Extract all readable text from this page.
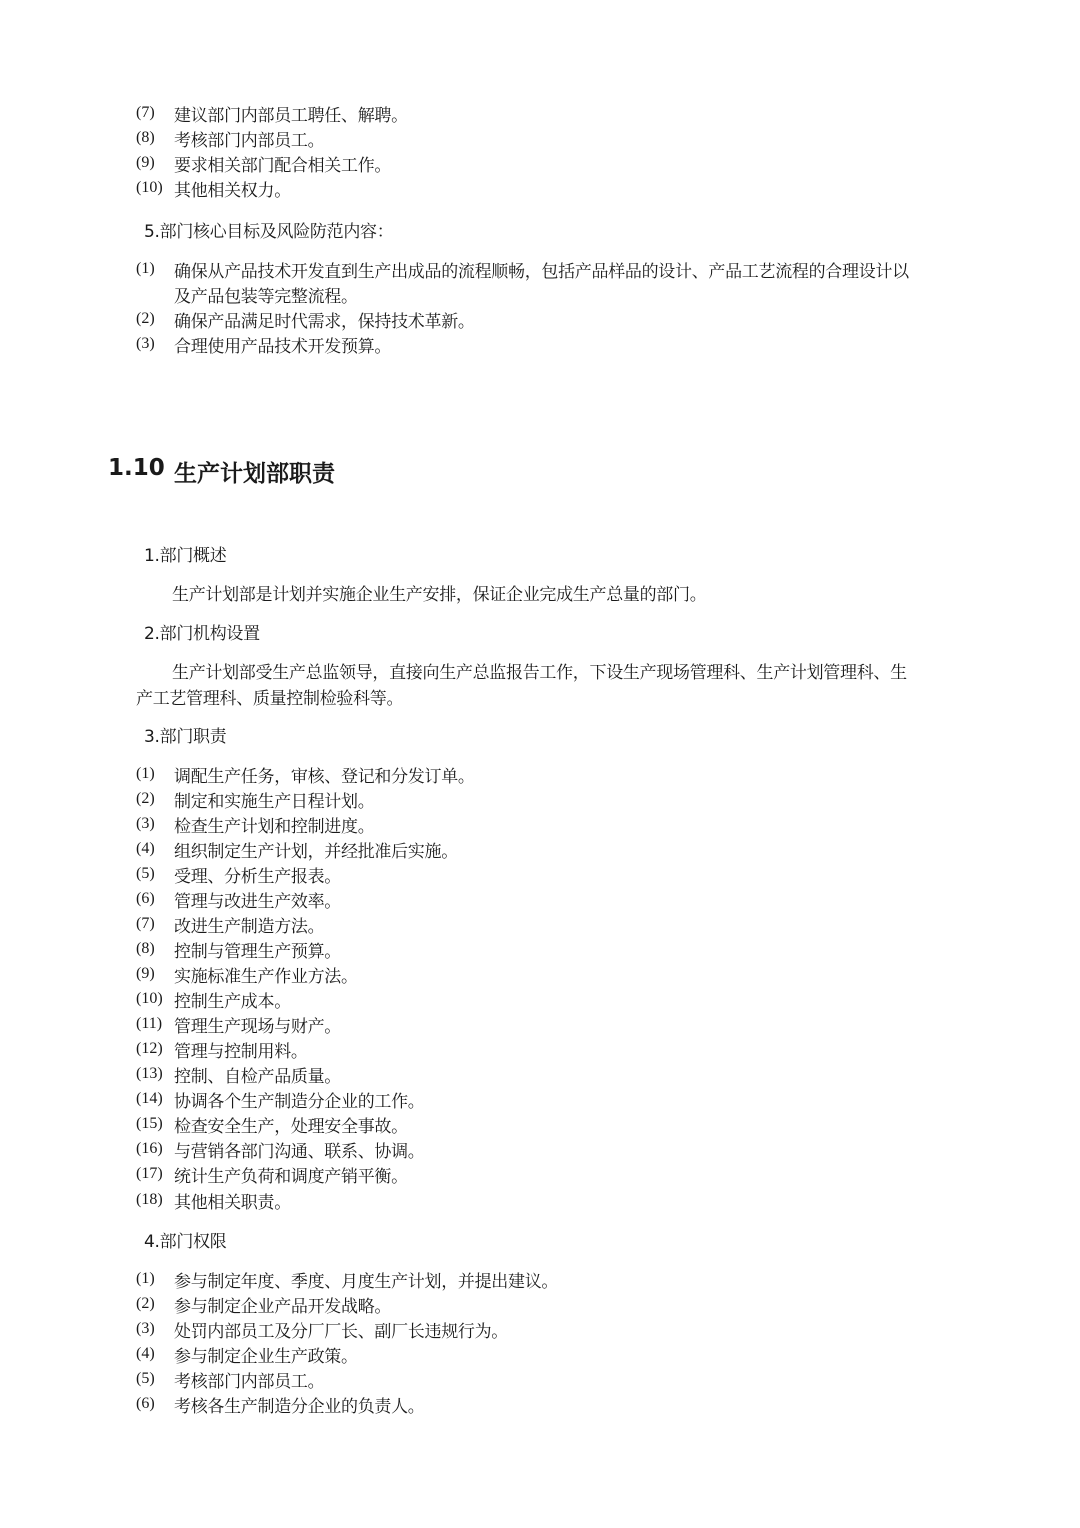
(7) 建议部门内部员工聘任、解聘。
(8) 考核部门内部员工。
(9) 要求相关部门配合相关工作。
(10) 其他相关权力。
5.部门核心目标及风险防范内容：
(1) 确保从产品技术开发直到生产出成品的流程顺畅，包括产品样品的设计、产品工艺流程的合理设计以
及产品包装等完整流程。
(2) 确保产品满足时代需求，保持技术革新。
(3) 合理使用产品技术开发预算。
1.10 生产计划部职责
1.部门概述
生产计划部是计划并实施企业生产安排，保证企业完成生产总量的部门。
2.部门机构设置
生产计划部受生产总监领导，直接向生产总监报告工作，下设生产现场管理科、生产计划管理科、生
产工艺管理科、质量控制检验科等。
3.部门职责
(1) 调配生产任务，审核、登记和分发订单。
(2) 制定和实施生产日程计划。
(3) 检查生产计划和控制进度。
(4) 组织制定生产计划，并经批准后实施。
(5) 受理、分析生产报表。
(6) 管理与改进生产效率。
(7) 改进生产制造方法。
(8) 控制与管理生产预算。
(9) 实施标准生产作业方法。
(10) 控制生产成本。
(11) 管理生产现场与财产。
(12) 管理与控制用料。
(13) 控制、自检产品质量。
(14) 协调各个生产制造分企业的工作。
(15) 检查安全生产，处理安全事故。
(16) 与营销各部门沟通、联系、协调。
(17) 统计生产负荷和调度产销平衡。
(18) 其他相关职责。
4.部门权限
(1) 参与制定年度、季度、月度生产计划，并提出建议。
(2) 参与制定企业产品开发战略。
(3) 处罚内部员工及分厂厂长、副厂长违规行为。
(4) 参与制定企业生产政策。
(5) 考核部门内部员工。
(6) 考核各生产制造分企业的负责人。
